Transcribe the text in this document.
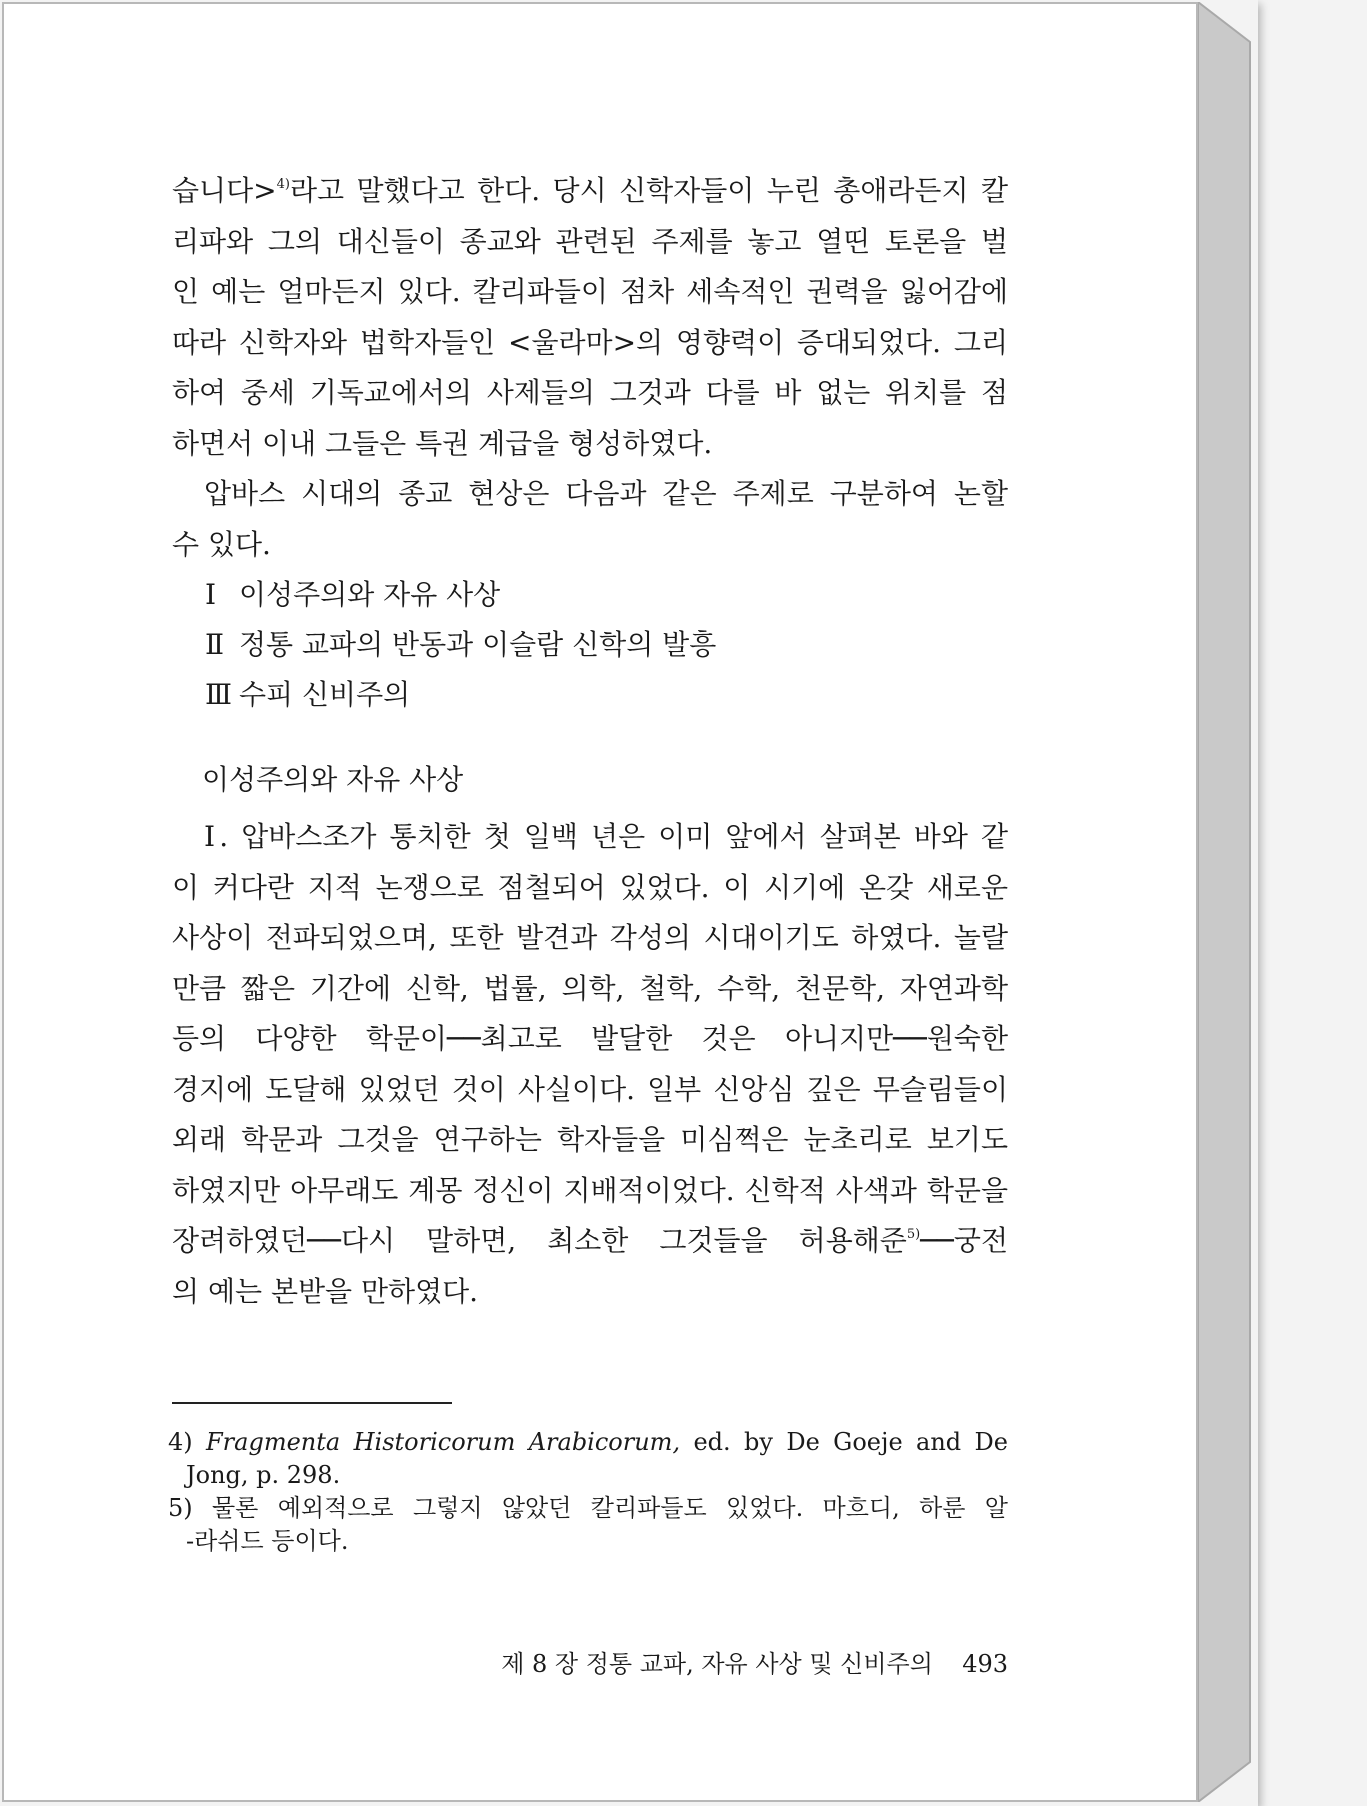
습니다>$^{4)}$라고 말했다고 한다. 당시 신학자들이 누린 총애라든지 칼
리파와 그의 대신들이 종교와 관련된 주제를 놓고 열띤 토론을 벌
인 예는 얼마든지 있다. 칼리파들이 점차 세속적인 권력을 잃어감에
따라 신학자와 법학자들인 <울라마>의 영향력이 증대되었다. 그리
하여 중세 기독교에서의 사제들의 그것과 다를 바 없는 위치를 점
하면서 이내 그들은 특권 계급을 형성하였다.
압바스 시대의 종교 현상은 다음과 같은 주제로 구분하여 논할
수 있다.
Ⅰ 이성주의와 자유 사상
Ⅱ 정통 교파의 반동과 이슬람 신학의 발흥
Ⅲ 수피 신비주의
이성주의와 자유 사상
Ⅰ. 압바스조가 통치한 첫 일백 년은 이미 앞에서 살펴본 바와 같
이 커다란 지적 논쟁으로 점철되어 있었다. 이 시기에 온갖 새로운
사상이 전파되었으며, 또한 발견과 각성의 시대이기도 하였다. 놀랄
만큼 짧은 기간에 신학, 법률, 의학, 철학, 수학, 천문학, 자연과학
등의 다양한 학문이──최고로 발달한 것은 아니지만──원숙한
경지에 도달해 있었던 것이 사실이다. 일부 신앙심 깊은 무슬림들이
외래 학문과 그것을 연구하는 학자들을 미심쩍은 눈초리로 보기도
하였지만 아무래도 계몽 정신이 지배적이었다. 신학적 사색과 학문을
장려하였던──다시 말하면, 최소한 그것들을 허용해준$^{5)}$──궁전
의 예는 본받을 만하였다.
4) Fragmenta Historicorum Arabicorum, ed. by De Goeje and De
Jong, p. 298.
5) 물론 예외적으로 그렇지 않았던 칼리파들도 있었다. 마흐디, 하룬 알
-라쉬드 등이다.
제 8 장 정통 교파, 자유 사상 및 신비주의 493
